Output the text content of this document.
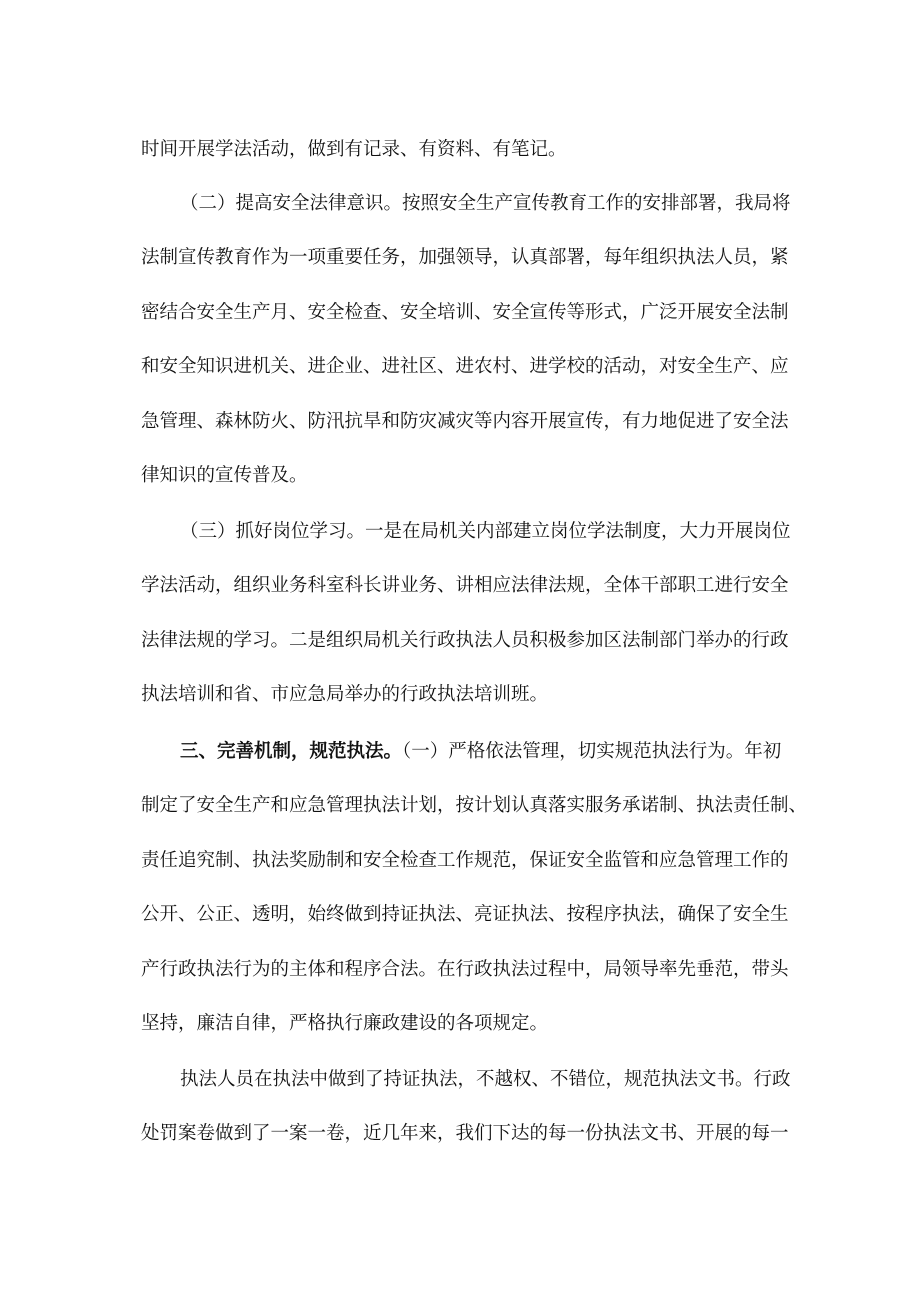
时间开展学法活动，做到有记录、有资料、有笔记。
（二）提高安全法律意识。按照安全生产宣传教育工作的安排部署，我局将
法制宣传教育作为一项重要任务，加强领导，认真部署，每年组织执法人员，紧
密结合安全生产月、安全检查、安全培训、安全宣传等形式，广泛开展安全法制
和安全知识进机关、进企业、进社区、进农村、进学校的活动，对安全生产、应
急管理、森林防火、防汛抗旱和防灾减灾等内容开展宣传，有力地促进了安全法
律知识的宣传普及。
（三）抓好岗位学习。一是在局机关内部建立岗位学法制度，大力开展岗位
学法活动，组织业务科室科长讲业务、讲相应法律法规，全体干部职工进行安全
法律法规的学习。二是组织局机关行政执法人员积极参加区法制部门举办的行政
执法培训和省、市应急局举办的行政执法培训班。
三、完善机制，规范执法。（一）严格依法管理，切实规范执法行为。年初
制定了安全生产和应急管理执法计划，按计划认真落实服务承诺制、执法责任制、
责任追究制、执法奖励制和安全检查工作规范，保证安全监管和应急管理工作的
公开、公正、透明，始终做到持证执法、亮证执法、按程序执法，确保了安全生
产行政执法行为的主体和程序合法。在行政执法过程中，局领导率先垂范，带头
坚持，廉洁自律，严格执行廉政建设的各项规定。
执法人员在执法中做到了持证执法，不越权、不错位，规范执法文书。行政
处罚案卷做到了一案一卷，近几年来，我们下达的每一份执法文书、开展的每一
